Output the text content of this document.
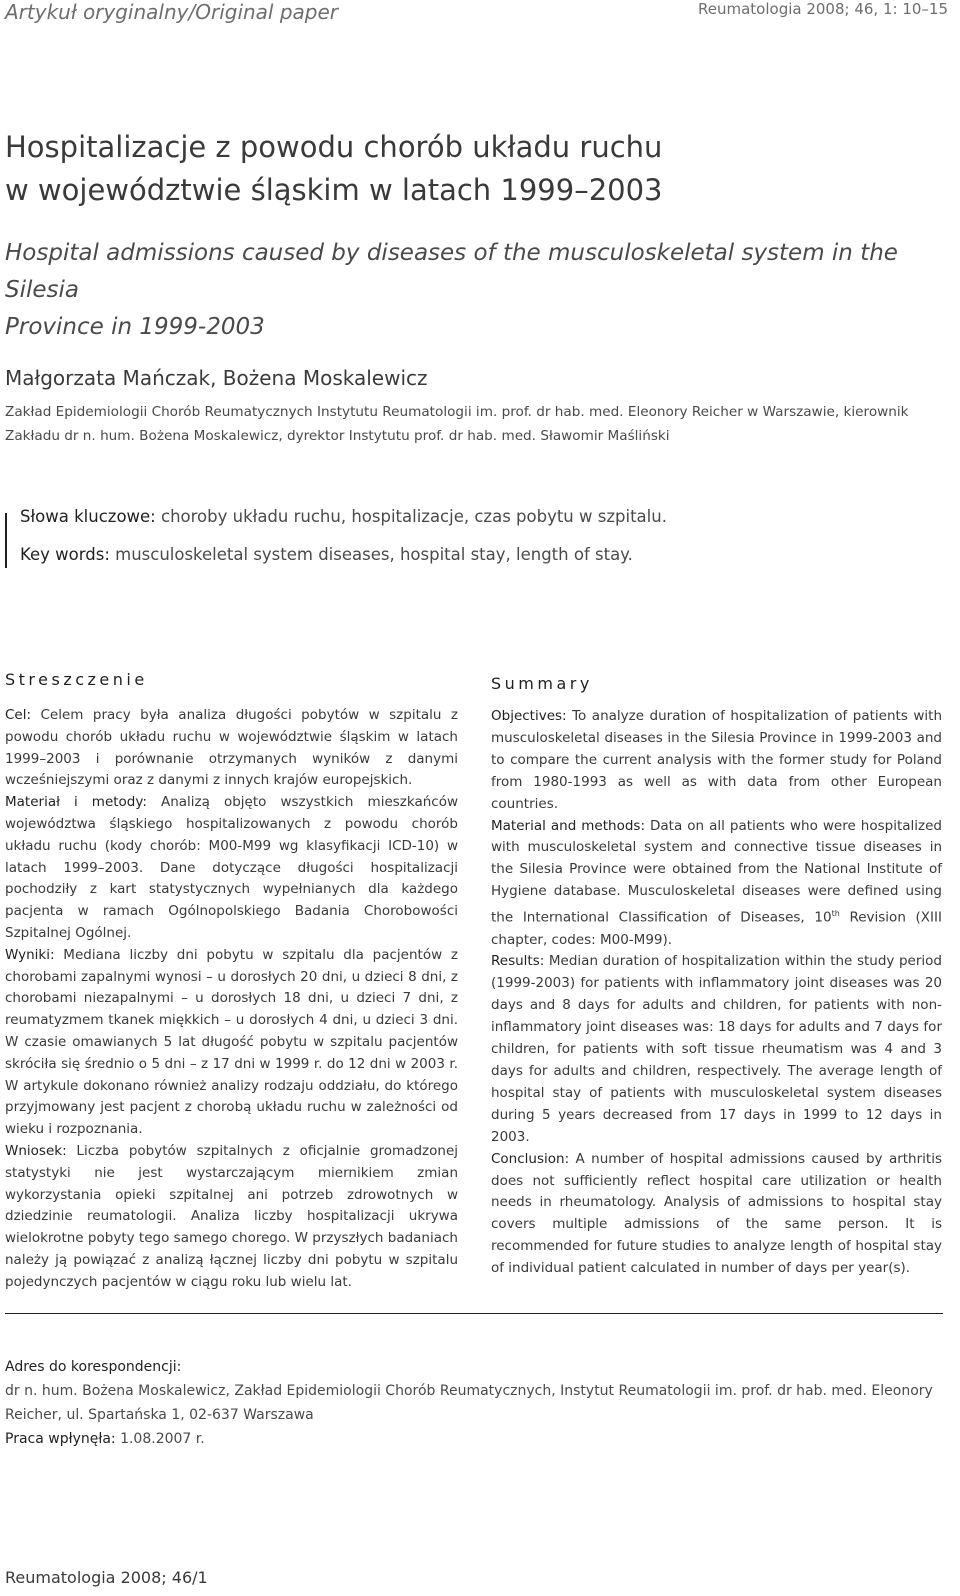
Artykuł oryginalny/Original paper	Reumatologia 2008; 46, 1: 10–15
Hospitalizacje z powodu chorób układu ruchu
w województwie śląskim w latach 1999–2003
Hospital admissions caused by diseases of the musculoskeletal system in the Silesia
Province in 1999-2003
Małgorzata Mańczak, Bożena Moskalewicz
Zakład Epidemiologii Chorób Reumatycznych Instytutu Reumatologii im. prof. dr hab. med. Eleonory Reicher w Warszawie, kierownik Zakładu dr n. hum. Bożena Moskalewicz, dyrektor Instytutu prof. dr hab. med. Sławomir Maśliński
Słowa kluczowe: choroby układu ruchu, hospitalizacje, czas pobytu w szpitalu.
Key words: musculoskeletal system diseases, hospital stay, length of stay.
Streszczenie

Cel: Celem pracy była analiza długości pobytów w szpitalu z powodu chorób układu ruchu w województwie śląskim w latach 1999–2003 i porównanie otrzymanych wyników z danymi wcześniejszymi oraz z danymi z innych krajów europejskich.

Materiał i metody: Analizą objęto wszystkich mieszkańców województwa śląskiego hospitalizowanych z powodu chorób układu ruchu (kody chorób: M00-M99 wg klasyfikacji ICD-10) w latach 1999–2003. Dane dotyczące długości hospitalizacji pochodziły z kart statystycznych wypełnianych dla każdego pacjenta w ramach Ogólnopolskiego Badania Chorobowości Szpitalnej Ogólnej.

Wyniki: Mediana liczby dni pobytu w szpitalu dla pacjentów z chorobami zapalnymi wynosi – u dorosłych 20 dni, u dzieci 8 dni, z chorobami niezapalnymi – u dorosłych 18 dni, u dzieci 7 dni, z reumatyzmem tkanek miękkich – u dorosłych 4 dni, u dzieci 3 dni. W czasie omawianych 5 lat długość pobytu w szpitalu pacjentów skróciła się średnio o 5 dni – z 17 dni w 1999 r. do 12 dni w 2003 r. W artykule dokonano również analizy rodzaju oddziału, do którego przyjmowany jest pacjent z chorobą układu ruchu w zależności od wieku i rozpoznania.

Wniosek: Liczba pobytów szpitalnych z oficjalnie gromadzonej statystyki nie jest wystarczającym miernikiem zmian wykorzystania opieki szpitalnej ani potrzeb zdrowotnych w dziedzinie reumatologii. Analiza liczby hospitalizacji ukrywa wielokrotne pobyty tego samego chorego. W przyszłych badaniach należy ją powiązać z analizą łącznej liczby dni pobytu w szpitalu pojedynczych pacjentów w ciągu roku lub wielu lat.

Summary

Objectives: To analyze duration of hospitalization of patients with musculoskeletal diseases in the Silesia Province in 1999-2003 and to compare the current analysis with the former study for Poland from 1980-1993 as well as with data from other European countries.

Material and methods: Data on all patients who were hospitalized with musculoskeletal system and connective tissue diseases in the Silesia Province were obtained from the National Institute of Hygiene database. Musculoskeletal diseases were defined using the International Classification of Diseases, 10th Revision (XIII chapter, codes: M00-M99).

Results: Median duration of hospitalization within the study period (1999-2003) for patients with inflammatory joint diseases was 20 days and 8 days for adults and children, for patients with non-inflammatory joint diseases was: 18 days for adults and 7 days for children, for patients with soft tissue rheumatism was 4 and 3 days for adults and children, respectively. The average length of hospital stay of patients with musculoskeletal system diseases during 5 years decreased from 17 days in 1999 to 12 days in 2003.

Conclusion: A number of hospital admissions caused by arthritis does not sufficiently reflect hospital care utilization or health needs in rheumatology. Analysis of admissions to hospital stay covers multiple admissions of the same person. It is recommended for future studies to analyze length of hospital stay of individual patient calculated in number of days per year(s).

Adres do korespondencji:
dr n. hum. Bożena Moskalewicz, Zakład Epidemiologii Chorób Reumatycznych, Instytut Reumatologii im. prof. dr hab. med. Eleonory Reicher, ul. Spartańska 1, 02-637 Warszawa
Praca wpłynęła: 1.08.2007 r.
Reumatologia 2008; 46/1
